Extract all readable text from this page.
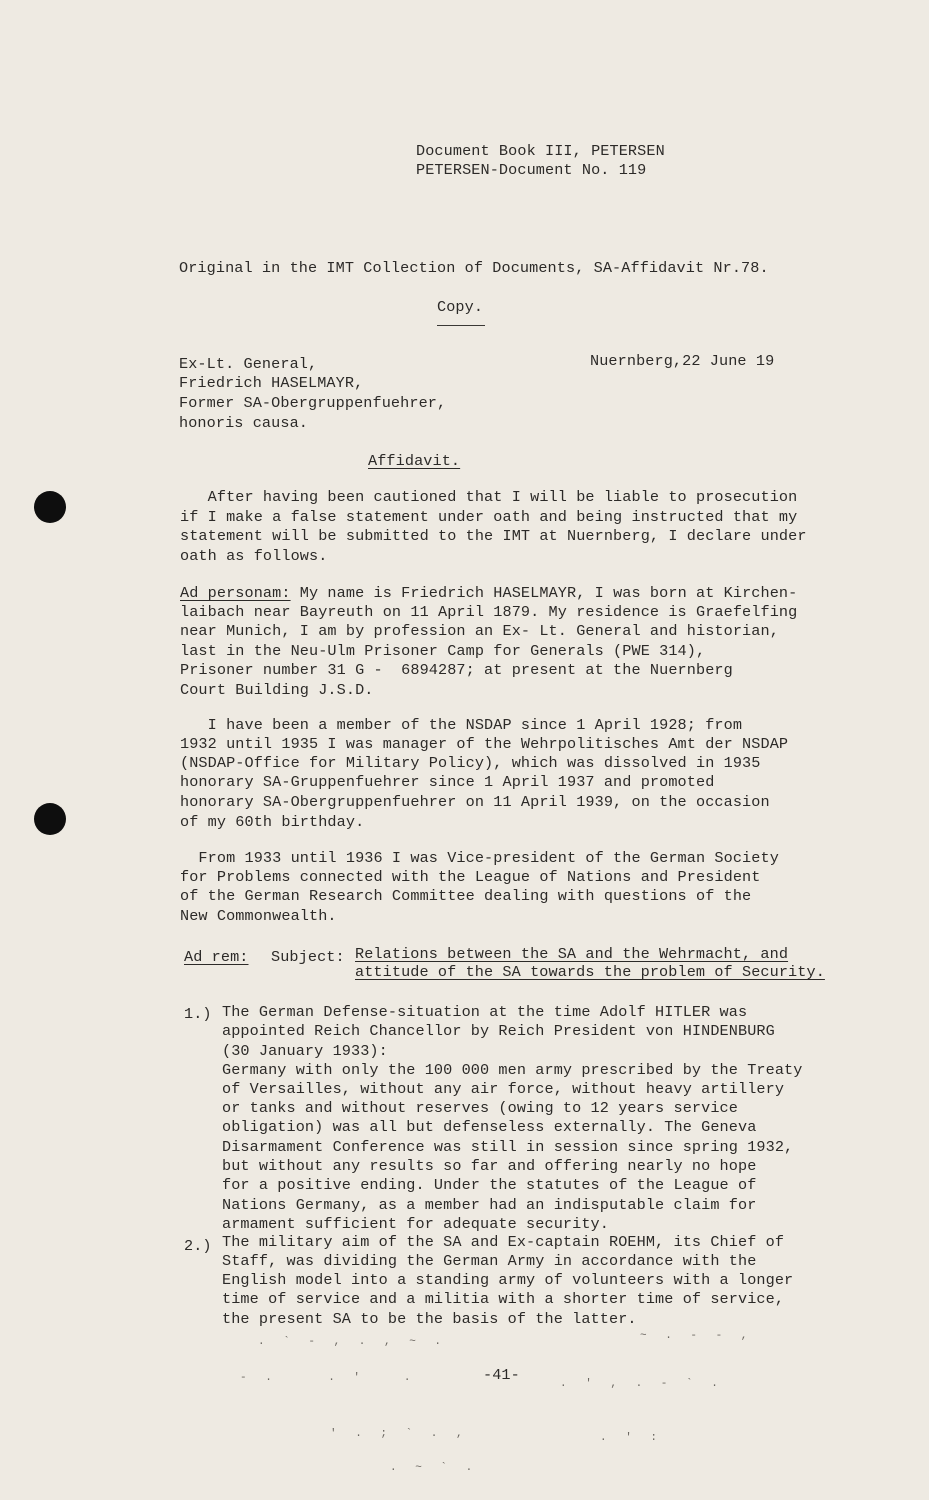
Document Book III, PETERSEN
PETERSEN-Document No. 119
Original in the IMT Collection of Documents, SA-Affidavit Nr.78.
Copy.
Ex-Lt. General,
Friedrich HASELMAYR,
Former SA-Obergruppenfuehrer,
honoris causa.
Nuernberg,22 June 19
Affidavit.
After having been cautioned that I will be liable to prosecution
if I make a false statement under oath and being instructed that my
statement will be submitted to the IMT at Nuernberg, I declare under
oath as follows.
Ad personam: My name is Friedrich HASELMAYR, I was born at Kirchen-
laibach near Bayreuth on 11 April 1879. My residence is Graefelfing
near Munich, I am by profession an Ex- Lt. General and historian,
last in the Neu-Ulm Prisoner Camp for Generals (PWE 314),
Prisoner number 31 G -  6894287; at present at the Nuernberg
Court Building J.S.D.
I have been a member of the NSDAP since 1 April 1928; from
1932 until 1935 I was manager of the Wehrpolitisches Amt der NSDAP
(NSDAP-Office for Military Policy), which was dissolved in 1935
honorary SA-Gruppenfuehrer since 1 April 1937 and promoted
honorary SA-Obergruppenfuehrer on 11 April 1939, on the occasion
of my 60th birthday.
From 1933 until 1936 I was Vice-president of the German Society
for Problems connected with the League of Nations and President
of the German Research Committee dealing with questions of the
New Commonwealth.
Ad rem: Subject: Relations between the SA and the Wehrmacht, and
attitude of the SA towards the problem of Security.
1.) The German Defense-situation at the time Adolf HITLER was
appointed Reich Chancellor by Reich President von HINDENBURG
(30 January 1933):
Germany with only the 100 000 men army prescribed by the Treaty
of Versailles, without any air force, without heavy artillery
or tanks and without reserves (owing to 12 years service
obligation) was all but defenseless externally. The Geneva
Disarmament Conference was still in session since spring 1932,
but without any results so far and offering nearly no hope
for a positive ending. Under the statutes of the League of
Nations Germany, as a member had an indisputable claim for
armament sufficient for adequate security.
2.) The military aim of the SA and Ex-captain ROEHM, its Chief of
Staff, was dividing the German Army in accordance with the
English model into a standing army of volunteers with a longer
time of service and a militia with a shorter time of service,
the present SA to be the basis of the latter.
. ` - , . , ~ .	~ . - - ,
- .    . '   .	. ' , . - ` .
' . ; ` . ,	. ' :
. ~ ` .
-41-
